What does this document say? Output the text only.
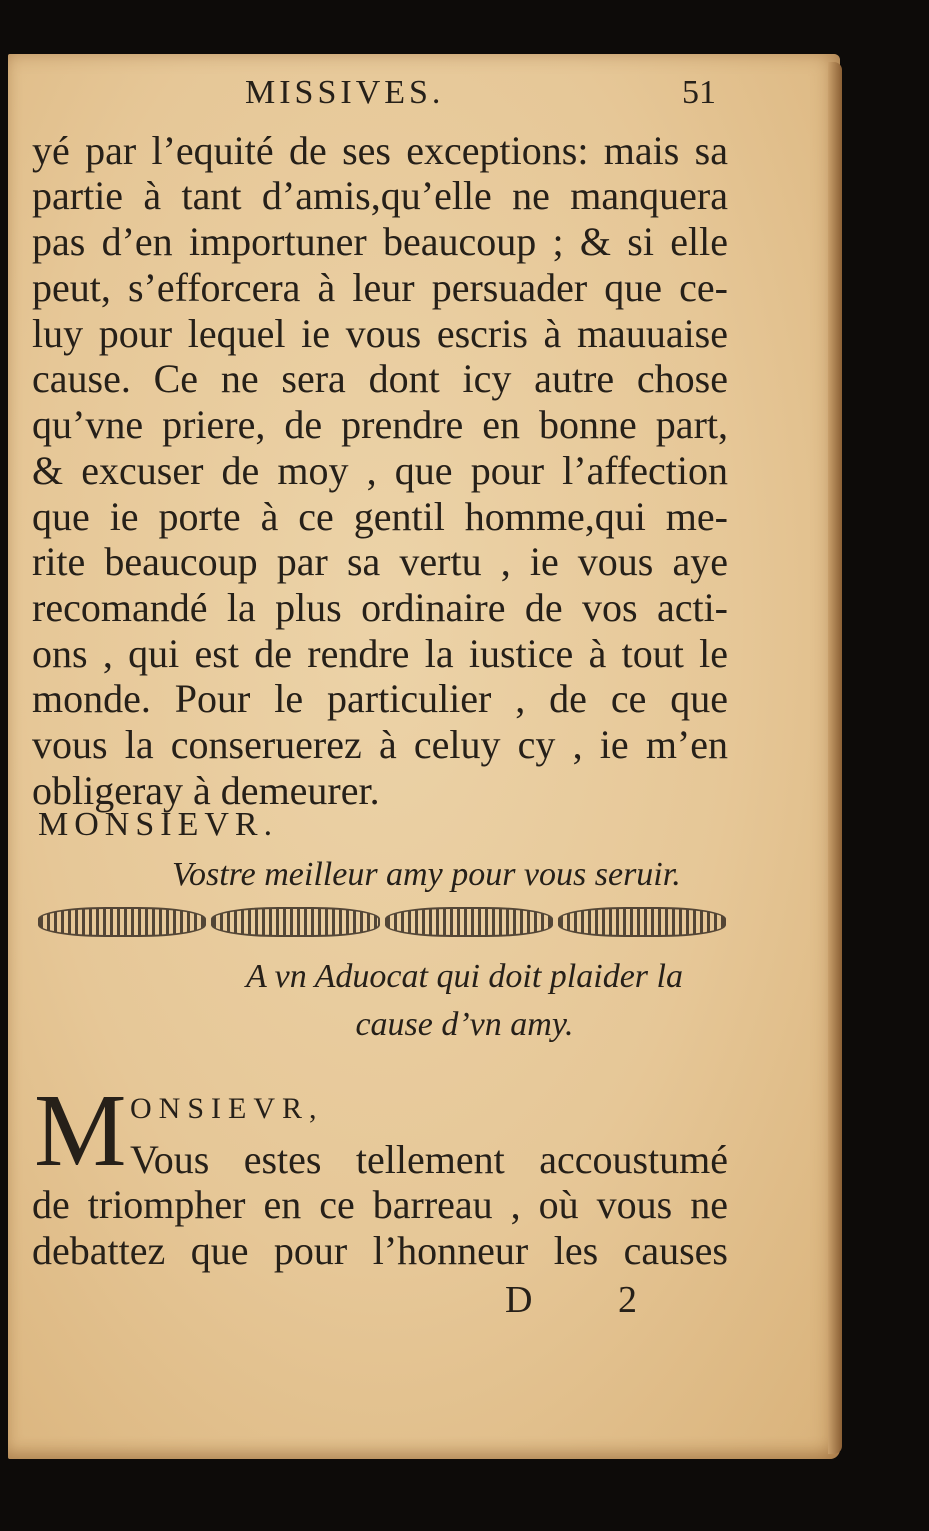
MISSIVES.	51
yé par l’equité de ses exceptions: mais sa
partie à tant d’amis,qu’elle ne manquera
pas d’en importuner beaucoup ; & si elle
peut, s’efforcera à leur persuader que ce-
luy pour lequel ie vous escris à mauuaise
cause. Ce ne sera dont icy autre chose
qu’vne priere, de prendre en bonne part,
& excuser de moy , que pour l’affection
que ie porte à ce gentil homme,qui me-
rite beaucoup par sa vertu , ie vous aye
recomandé la plus ordinaire de vos acti-
ons , qui est de rendre la iustice à tout le
monde. Pour le particulier , de ce que
vous la conseruerez à celuy cy , ie m’en
obligeray à demeurer.
MONSIEVR.
Vostre meilleur amy pour vous seruir.
A vn Aduocat qui doit plaider la
cause d’vn amy.
M ONSIEVR,
Vous estes tellement accoustumé
de triompher en ce barreau , où vous ne
debattez que pour l’honneur les causes
D 2
